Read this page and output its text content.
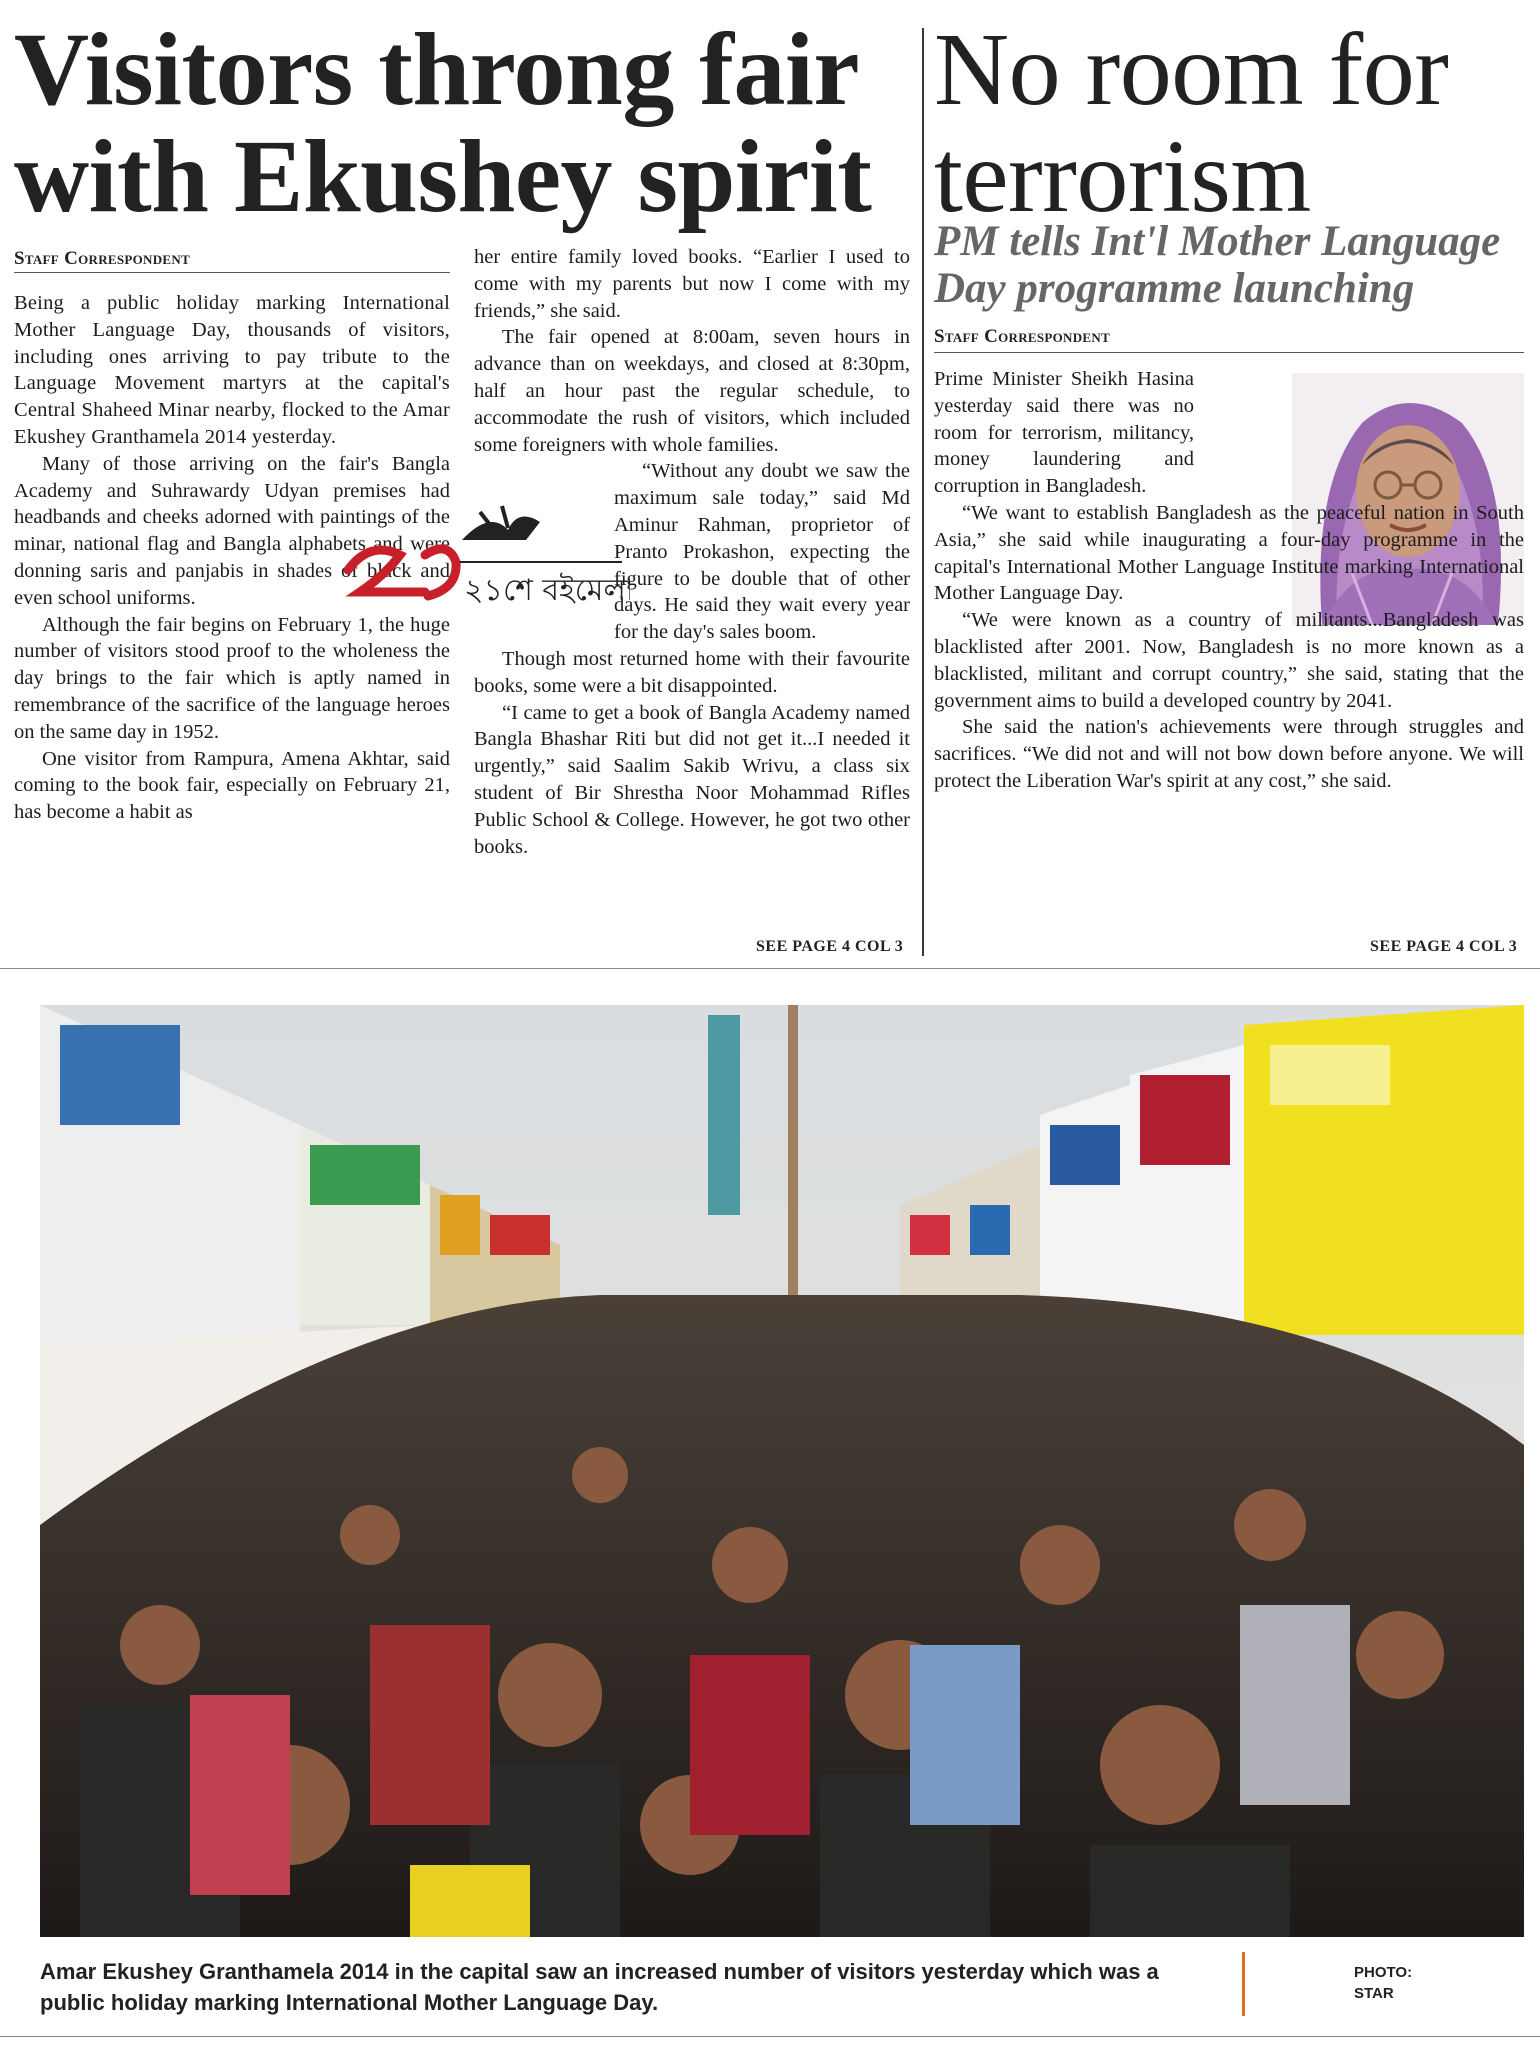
Visitors throng fair
with Ekushey spirit
Staff Correspondent

Being a public holiday marking International Mother Language Day, thousands of visitors, including ones arriving to pay tribute to the Language Movement martyrs at the capital's Central Shaheed Minar nearby, flocked to the Amar Ekushey Granthamela 2014 yesterday.

Many of those arriving on the fair's Bangla Academy and Suhrawardy Udyan premises had headbands and cheeks adorned with paintings of the minar, national flag and Bangla alphabets and were donning saris and panjabis in shades of black and even school uniforms.

Although the fair begins on February 1, the huge number of visitors stood proof to the wholeness the day brings to the fair which is aptly named in remembrance of the sacrifice of the language heroes on the same day in 1952.

One visitor from Rampura, Amena Akhtar, said coming to the book fair, especially on February 21, has become a habit as

her entire family loved books. “Earlier I used to come with my parents but now I come with my friends,” she said.

The fair opened at 8:00am, seven hours in advance than on weekdays, and closed at 8:30pm, half an hour past the regular schedule, to accommodate the rush of visitors, which included some foreigners with whole families.

“Without any doubt we saw the maximum sale today,” said Md Aminur Rahman, proprietor of Pranto Prokashon, expecting the figure to be double that of other days. He said they wait every year for the day's sales boom.

Though most returned home with their favourite books, some were a bit disappointed.

“I came to get a book of Bangla Academy named Bangla Bhashar Riti but did not get it...I needed it urgently,” said Saalim Sakib Wrivu, a class six student of Bir Shrestha Noor Mohammad Rifles Public School & College. However, he got two other books.

SEE PAGE 4 COL 3
২১শে বইমেলা
No room for
terrorism
PM tells Int'l Mother Language Day programme launching
Staff Correspondent

Prime Minister Sheikh Hasina yesterday said there was no room for terrorism, militancy, money laundering and corruption in Bangladesh.

“We want to establish Bangladesh as the peaceful nation in South Asia,” she said while inaugurating a four-day programme in the capital's International Mother Language Institute marking International Mother Language Day.

“We were known as a country of militants...Bangladesh was blacklisted after 2001. Now, Bangladesh is no more known as a blacklisted, militant and corrupt country,” she said, stating that the government aims to build a developed country by 2041.

She said the nation's achievements were through struggles and sacrifices. “We did not and will not bow down before anyone. We will protect the Liberation War's spirit at any cost,” she said.

SEE PAGE 4 COL 3
Amar Ekushey Granthamela 2014 in the capital saw an increased number of visitors yesterday which was a public holiday marking International Mother Language Day.
PHOTO:
STAR
